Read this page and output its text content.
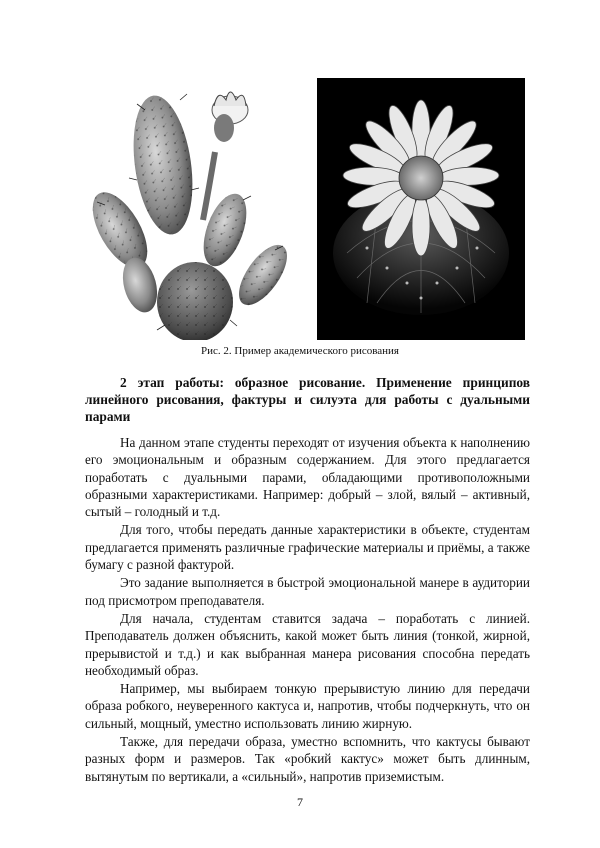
Рис. 2. Пример академического рисования
2 этап работы: образное рисование. Применение принципов линейного рисования, фактуры и силуэта для работы с дуальными парами

На данном этапе студенты переходят от изучения объекта к наполнению его эмоциональным и образным содержанием. Для этого предлагается поработать с дуальными парами, обладающими противоположными образными характеристиками. Например: добрый – злой, вялый – активный, сытый – голодный и т.д.

Для того, чтобы передать данные характеристики в объекте, студентам предлагается применять различные графические материалы и приёмы, а также бумагу с разной фактурой.

Это задание выполняется в быстрой эмоциональной манере в аудитории под присмотром преподавателя.

Для начала, студентам ставится задача – поработать с линией. Преподаватель должен объяснить, какой может быть линия (тонкой, жирной, прерывистой и т.д.) и как выбранная манера рисования способна передать необходимый образ.

Например, мы выбираем тонкую прерывистую линию для передачи образа робкого, неуверенного кактуса и, напротив, чтобы подчеркнуть, что он сильный, мощный, уместно использовать линию жирную.

Также, для передачи образа, уместно вспомнить, что кактусы бывают разных форм и размеров. Так «робкий кактус» может быть длинным, вытянутым по вертикали, а «сильный», напротив приземистым.

7
